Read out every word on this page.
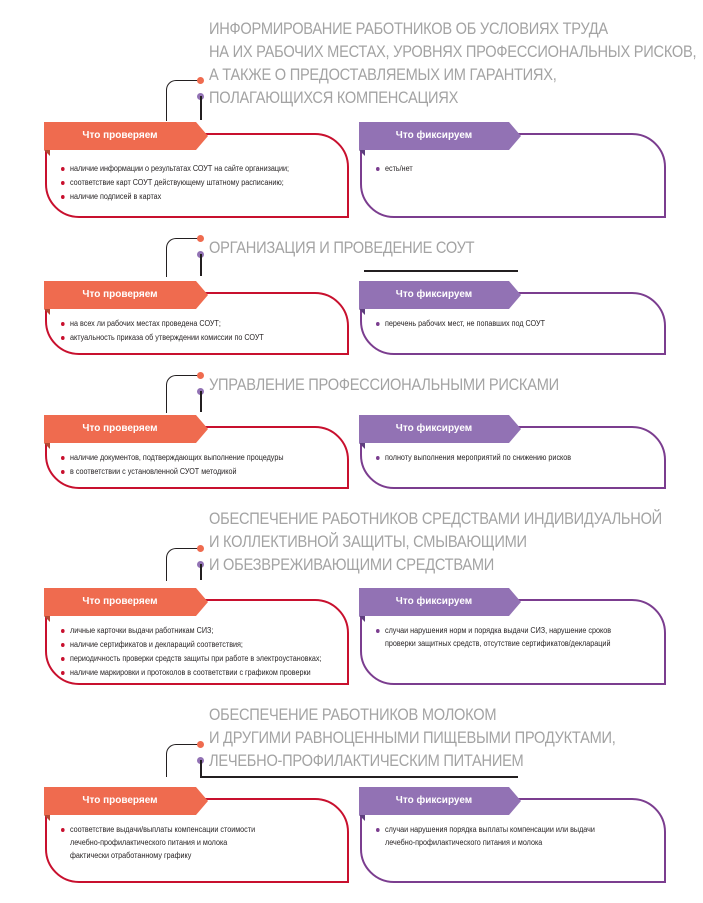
ИНФОРМИРОВАНИЕ РАБОТНИКОВ ОБ УСЛОВИЯХ ТРУДА
НА ИХ РАБОЧИХ МЕСТАХ, УРОВНЯХ ПРОФЕССИОНАЛЬНЫХ РИСКОВ,
А ТАКЖЕ О ПРЕДОСТАВЛЯЕМЫХ ИМ ГАРАНТИЯХ,
ПОЛАГАЮЩИХСЯ КОМПЕНСАЦИЯХ
Что проверяем
наличие информации о результатах СОУТ на сайте организации;
соответствие карт СОУТ действующему штатному расписанию;
наличие подписей в картах
Что фиксируем
есть/нет
ОРГАНИЗАЦИЯ И ПРОВЕДЕНИЕ СОУТ
Что проверяем
на всех ли рабочих местах проведена СОУТ;
актуальность приказа об утверждении комиссии по СОУТ
Что фиксируем
перечень рабочих мест, не попавших под СОУТ
УПРАВЛЕНИЕ ПРОФЕССИОНАЛЬНЫМИ РИСКАМИ
Что проверяем
наличие документов, подтверждающих выполнение процедуры
в соответствии с установленной СУОТ методикой
Что фиксируем
полноту выполнения мероприятий по снижению рисков
ОБЕСПЕЧЕНИЕ РАБОТНИКОВ СРЕДСТВАМИ ИНДИВИДУАЛЬНОЙ
И КОЛЛЕКТИВНОЙ ЗАЩИТЫ, СМЫВАЮЩИМИ
И ОБЕЗВРЕЖИВАЮЩИМИ СРЕДСТВАМИ
Что проверяем
личные карточки выдачи работникам СИЗ;
наличие сертификатов и деклараций соответствия;
периодичность проверки средств защиты при работе в электроустановках;
наличие маркировки и протоколов в соответствии с графиком проверки
Что фиксируем
случаи нарушения норм и порядка выдачи СИЗ, нарушение сроков
проверки защитных средств, отсутствие сертификатов/деклараций
ОБЕСПЕЧЕНИЕ РАБОТНИКОВ МОЛОКОМ
И ДРУГИМИ РАВНОЦЕННЫМИ ПИЩЕВЫМИ ПРОДУКТАМИ,
ЛЕЧЕБНО-ПРОФИЛАКТИЧЕСКИМ ПИТАНИЕМ
Что проверяем
соответствие выдачи/выплаты компенсации стоимости
лечебно-профилактического питания и молока
фактически отработанному графику
Что фиксируем
случаи нарушения порядка выплаты компенсации или выдачи
лечебно-профилактического питания и молока
